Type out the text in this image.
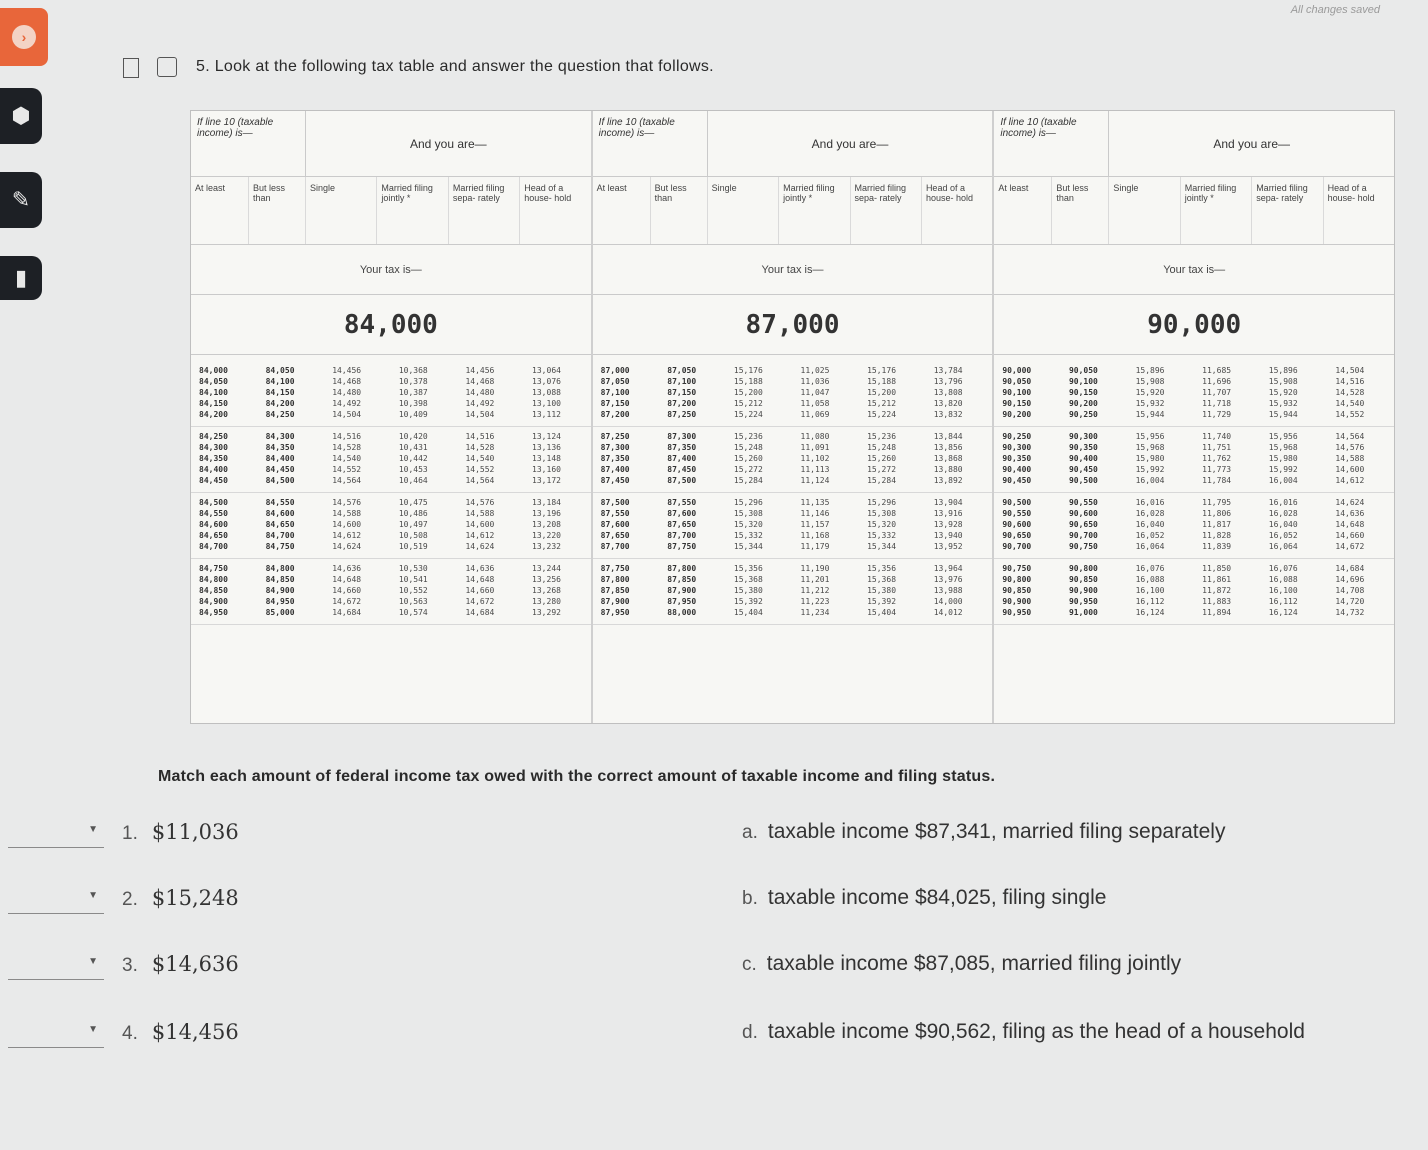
›
⬢
✎
▮
All changes saved
5. Look at the following tax table and answer the question that follows.
If line 10 (taxable income) is—
And you are—
At least	But less than
Single	Married filing jointly *
Married filing sepa- rately
Head of a house- hold
Your tax is—
84,000
84,000	84,050	14,456	10,368	14,456	13,064
84,050	84,100	14,468	10,378	14,468	13,076
84,100	84,150	14,480	10,387	14,480	13,088
84,150	84,200	14,492	10,398	14,492	13,100
84,200	84,250	14,504	10,409	14,504	13,112
84,250	84,300	14,516	10,420	14,516	13,124
84,300	84,350	14,528	10,431	14,528	13,136
84,350	84,400	14,540	10,442	14,540	13,148
84,400	84,450	14,552	10,453	14,552	13,160
84,450	84,500	14,564	10,464	14,564	13,172
84,500	84,550	14,576	10,475	14,576	13,184
84,550	84,600	14,588	10,486	14,588	13,196
84,600	84,650	14,600	10,497	14,600	13,208
84,650	84,700	14,612	10,508	14,612	13,220
84,700	84,750	14,624	10,519	14,624	13,232
84,750	84,800	14,636	10,530	14,636	13,244
84,800	84,850	14,648	10,541	14,648	13,256
84,850	84,900	14,660	10,552	14,660	13,268
84,900	84,950	14,672	10,563	14,672	13,280
84,950	85,000	14,684	10,574	14,684	13,292
If line 10 (taxable income) is—
And you are—
At least	But less than
Single	Married filing jointly *
Married filing sepa- rately
Head of a house- hold
Your tax is—
87,000
87,000	87,050	15,176	11,025	15,176	13,784
87,050	87,100	15,188	11,036	15,188	13,796
87,100	87,150	15,200	11,047	15,200	13,808
87,150	87,200	15,212	11,058	15,212	13,820
87,200	87,250	15,224	11,069	15,224	13,832
87,250	87,300	15,236	11,080	15,236	13,844
87,300	87,350	15,248	11,091	15,248	13,856
87,350	87,400	15,260	11,102	15,260	13,868
87,400	87,450	15,272	11,113	15,272	13,880
87,450	87,500	15,284	11,124	15,284	13,892
87,500	87,550	15,296	11,135	15,296	13,904
87,550	87,600	15,308	11,146	15,308	13,916
87,600	87,650	15,320	11,157	15,320	13,928
87,650	87,700	15,332	11,168	15,332	13,940
87,700	87,750	15,344	11,179	15,344	13,952
87,750	87,800	15,356	11,190	15,356	13,964
87,800	87,850	15,368	11,201	15,368	13,976
87,850	87,900	15,380	11,212	15,380	13,988
87,900	87,950	15,392	11,223	15,392	14,000
87,950	88,000	15,404	11,234	15,404	14,012
If line 10 (taxable income) is—
And you are—
At least	But less than
Single	Married filing jointly *
Married filing sepa- rately
Head of a house- hold
Your tax is—
90,000
90,000	90,050	15,896	11,685	15,896	14,504
90,050	90,100	15,908	11,696	15,908	14,516
90,100	90,150	15,920	11,707	15,920	14,528
90,150	90,200	15,932	11,718	15,932	14,540
90,200	90,250	15,944	11,729	15,944	14,552
90,250	90,300	15,956	11,740	15,956	14,564
90,300	90,350	15,968	11,751	15,968	14,576
90,350	90,400	15,980	11,762	15,980	14,588
90,400	90,450	15,992	11,773	15,992	14,600
90,450	90,500	16,004	11,784	16,004	14,612
90,500	90,550	16,016	11,795	16,016	14,624
90,550	90,600	16,028	11,806	16,028	14,636
90,600	90,650	16,040	11,817	16,040	14,648
90,650	90,700	16,052	11,828	16,052	14,660
90,700	90,750	16,064	11,839	16,064	14,672
90,750	90,800	16,076	11,850	16,076	14,684
90,800	90,850	16,088	11,861	16,088	14,696
90,850	90,900	16,100	11,872	16,100	14,708
90,900	90,950	16,112	11,883	16,112	14,720
90,950	91,000	16,124	11,894	16,124	14,732
Match each amount of federal income tax owed with the correct amount of taxable income and filing status.
▼ 1. $11,036	a. taxable income $87,341, married filing separately
▼ 2. $15,248	b. taxable income $84,025, filing single
▼ 3. $14,636	c. taxable income $87,085, married filing jointly
▼ 4. $14,456	d. taxable income $90,562, filing as the head of a household
